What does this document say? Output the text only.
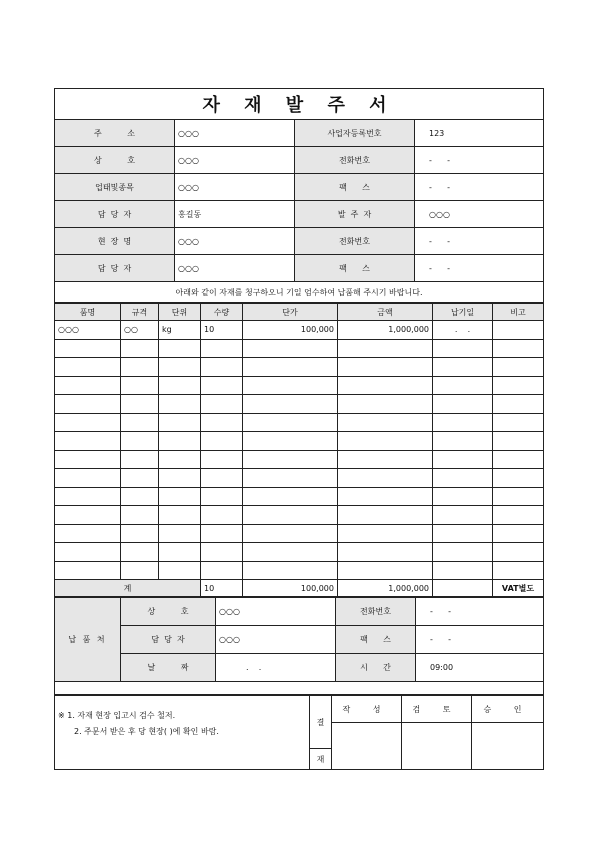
자 재 발 주 서			
주          소	○○○	사업자등록번호	123
상          호	○○○	전화번호	-      -
업태및종목	○○○	팩      스	-      -
담  당  자	홍길동	발  주  자	○○○
현  장  명	○○○	전화번호	-      -
담  당  자	○○○	팩      스	-      -
아래와 같이 자재를 청구하오니 기일 엄수하여 납품해 주시기 바랍니다.			
품명	규격	단위	수량	단가	금액	납기일	비고
○○○	○○	kg	10	100,000	1,000,000	.    .	

계			10	100,000	1,000,000		VAT별도
납 품 처	상          호	○○○	전화번호	-      -
	담  당  자	○○○	팩      스	-      -
	날          짜	.    .	시      간	09:00

※ 1. 자재 현장 입고시 검수 철저.
2. 주문서 받은 후 당 현장( )에 확인 바람.	결	작 성	검 토	승 인

	재			
